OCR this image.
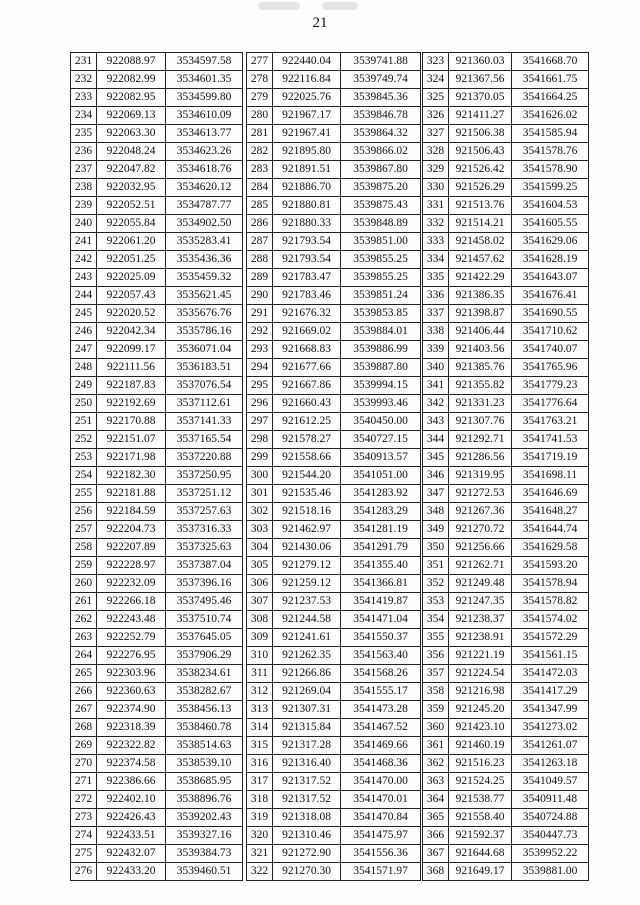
21
231	922088.97	3534597.58
232	922082.99	3534601.35
233	922082.95	3534599.80
234	922069.13	3534610.09
235	922063.30	3534613.77
236	922048.24	3534623.26
237	922047.82	3534618.76
238	922032.95	3534620.12
239	922052.51	3534787.77
240	922055.84	3534902.50
241	922061.20	3535283.41
242	922051.25	3535436.36
243	922025.09	3535459.32
244	922057.43	3535621.45
245	922020.52	3535676.76
246	922042.34	3535786.16
247	922099.17	3536071.04
248	922111.56	3536183.51
249	922187.83	3537076.54
250	922192.69	3537112.61
251	922170.88	3537141.33
252	922151.07	3537165.54
253	922171.98	3537220.88
254	922182.30	3537250.95
255	922181.88	3537251.12
256	922184.59	3537257.63
257	922204.73	3537316.33
258	922207.89	3537325.63
259	922228.97	3537387.04
260	922232.09	3537396.16
261	922266.18	3537495.46
262	922243.48	3537510.74
263	922252.79	3537645.05
264	922276.95	3537906.29
265	922303.96	3538234.61
266	922360.63	3538282.67
267	922374.90	3538456.13
268	922318.39	3538460.78
269	922322.82	3538514.63
270	922374.58	3538539.10
271	922386.66	3538685.95
272	922402.10	3538896.76
273	922426.43	3539202.43
274	922433.51	3539327.16
275	922432.07	3539384.73
276	922433.20	3539460.51
277	922440.04	3539741.88
278	922116.84	3539749.74
279	922025.76	3539845.36
280	921967.17	3539846.78
281	921967.41	3539864.32
282	921895.80	3539866.02
283	921891.51	3539867.80
284	921886.70	3539875.20
285	921880.81	3539875.43
286	921880.33	3539848.89
287	921793.54	3539851.00
288	921793.54	3539855.25
289	921783.47	3539855.25
290	921783.46	3539851.24
291	921676.32	3539853.85
292	921669.02	3539884.01
293	921668.83	3539886.99
294	921677.66	3539887.80
295	921667.86	3539994.15
296	921660.43	3539993.46
297	921612.25	3540450.00
298	921578.27	3540727.15
299	921558.66	3540913.57
300	921544.20	3541051.00
301	921535.46	3541283.92
302	921518.16	3541283.29
303	921462.97	3541281.19
304	921430.06	3541291.79
305	921279.12	3541355.40
306	921259.12	3541366.81
307	921237.53	3541419.87
308	921244.58	3541471.04
309	921241.61	3541550.37
310	921262.35	3541563.40
311	921266.86	3541568.26
312	921269.04	3541555.17
313	921307.31	3541473.28
314	921315.84	3541467.52
315	921317.28	3541469.66
316	921316.40	3541468.36
317	921317.52	3541470.00
318	921317.52	3541470.01
319	921318.08	3541470.84
320	921310.46	3541475.97
321	921272.90	3541556.36
322	921270.30	3541571.97
323	921360.03	3541668.70
324	921367.56	3541661.75
325	921370.05	3541664.25
326	921411.27	3541626.02
327	921506.38	3541585.94
328	921506.43	3541578.76
329	921526.42	3541578.90
330	921526.29	3541599.25
331	921513.76	3541604.53
332	921514.21	3541605.55
333	921458.02	3541629.06
334	921457.62	3541628.19
335	921422.29	3541643.07
336	921386.35	3541676.41
337	921398.87	3541690.55
338	921406.44	3541710.62
339	921403.56	3541740.07
340	921385.76	3541765.96
341	921355.82	3541779.23
342	921331.23	3541776.64
343	921307.76	3541763.21
344	921292.71	3541741.53
345	921286.56	3541719.19
346	921319.95	3541698.11
347	921272.53	3541646.69
348	921267.36	3541648.27
349	921270.72	3541644.74
350	921256.66	3541629.58
351	921262.71	3541593.20
352	921249.48	3541578.94
353	921247.35	3541578.82
354	921238.37	3541574.02
355	921238.91	3541572.29
356	921221.19	3541561.15
357	921224.54	3541472.03
358	921216.98	3541417.29
359	921245.20	3541347.99
360	921423.10	3541273.02
361	921460.19	3541261.07
362	921516.23	3541263.18
363	921524.25	3541049.57
364	921538.77	3540911.48
365	921558.40	3540724.88
366	921592.37	3540447.73
367	921644.68	3539952.22
368	921649.17	3539881.00
